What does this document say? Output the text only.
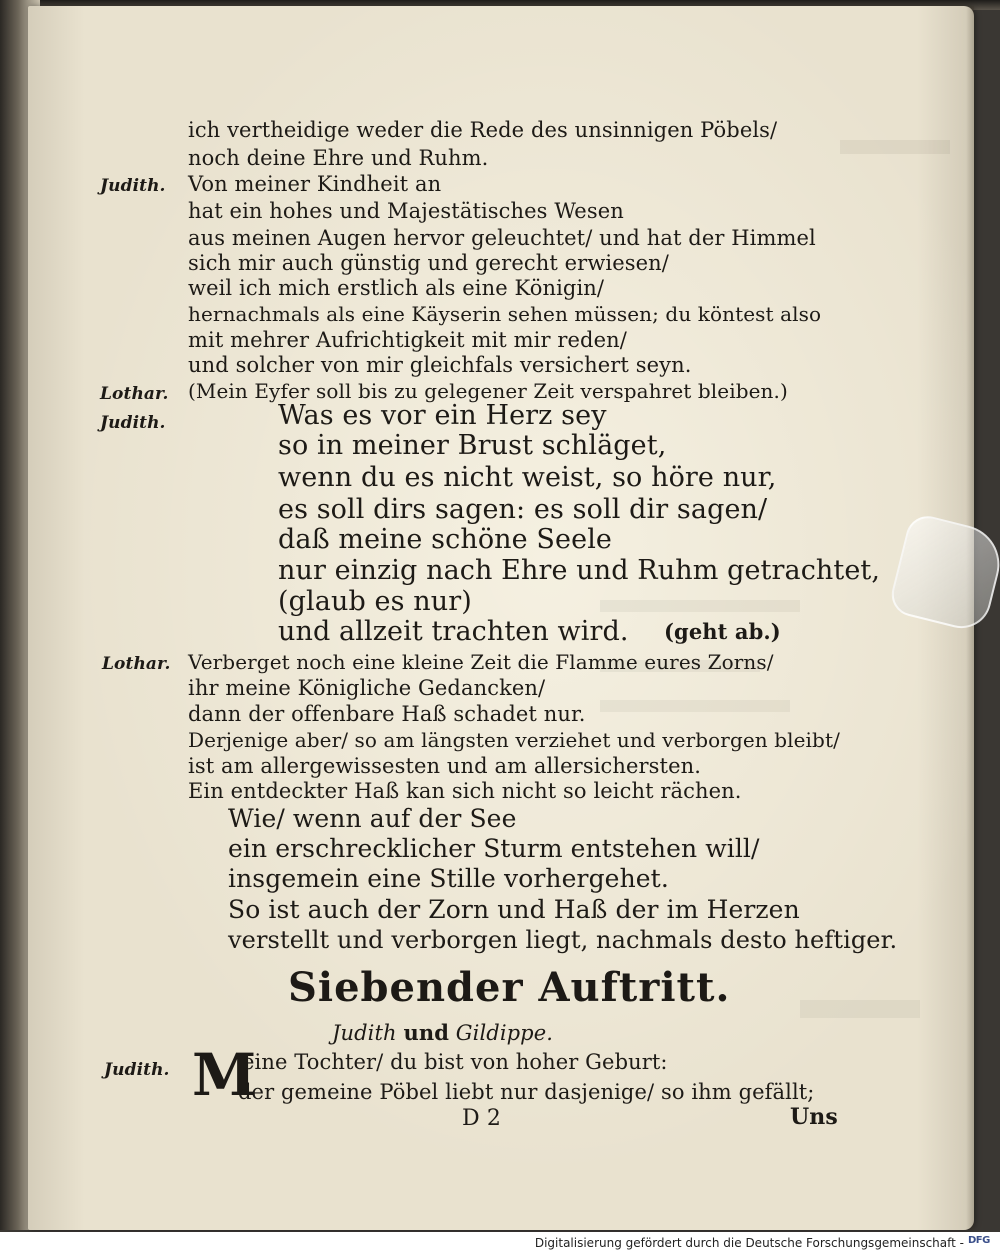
ich vertheidige weder die Rede des unsinnigen Pöbels/
noch deine Ehre und Ruhm.
Judith. Von meiner Kindheit an
hat ein hohes und Majestätisches Wesen
aus meinen Augen hervor geleuchtet/ und hat der Himmel
sich mir auch günstig und gerecht erwiesen/
weil ich mich erstlich als eine Königin/
hernachmals als eine Käyserin sehen müssen; du köntest also
mit mehrer Aufrichtigkeit mit mir reden/
und solcher von mir gleichfals versichert seyn.
Lothar. (Mein Eyfer soll bis zu gelegener Zeit verspahret bleiben.)
Judith.	Was es vor ein Herz sey
so in meiner Brust schläget,
wenn du es nicht weist, so höre nur,
es soll dirs sagen: es soll dir sagen/
daß meine schöne Seele
nur einzig nach Ehre und Ruhm getrachtet,
(glaub es nur)
und allzeit trachten wird. (geht ab.)
Lothar. Verberget noch eine kleine Zeit die Flamme eures Zorns/
ihr meine Königliche Gedancken/
dann der offenbare Haß schadet nur.
Derjenige aber/ so am längsten verziehet und verborgen bleibt/
ist am allergewissesten und am allersichersten.
Ein entdeckter Haß kan sich nicht so leicht rächen.
Wie/ wenn auf der See
ein erschrecklicher Sturm entstehen will/
insgemein eine Stille vorhergehet.
So ist auch der Zorn und Haß der im Herzen
verstellt und verborgen liegt, nachmals desto heftiger.
Siebender Auftritt.
Judith und Gildippe.
Judith. M
eine Tochter/ du bist von hoher Geburt:
der gemeine Pöbel liebt nur dasjenige/ so ihm gefällt;
D 2	Uns
Digitalisierung gefördert durch die Deutsche Forschungsgemeinschaft - DFG
